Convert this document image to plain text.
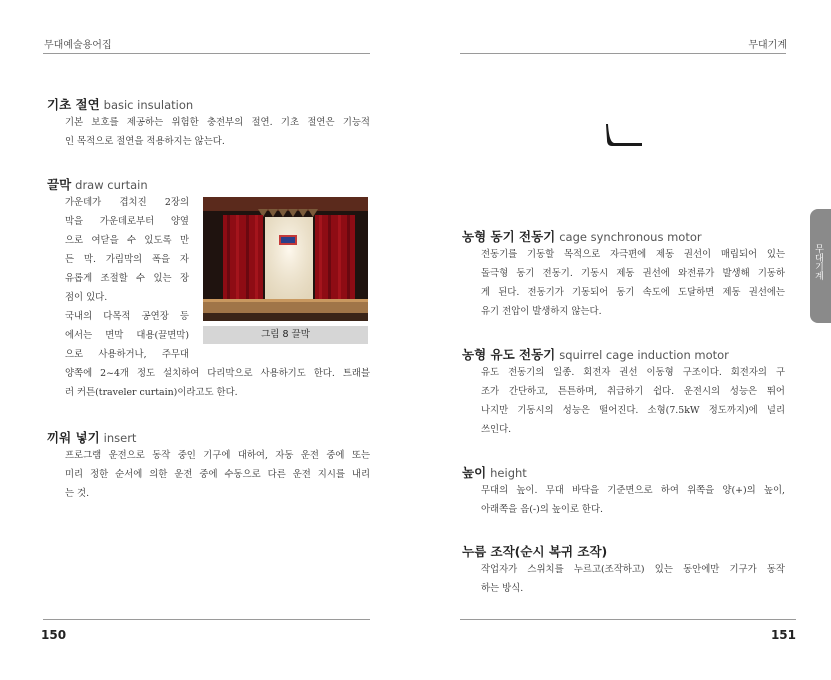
무대예술용어집	무대기계
무대기계
기초 절연 basic insulation
기본 보호를 제공하는 위험한 충전부의 절연. 기초 절연은 기능적
인 목적으로 절연을 적용하지는 않는다.
끌막 draw curtain
가운데가 겹치진 2장의
막을 가운데로부터 양옆
으로 여닫을 수 있도록 만
든 막. 가림막의 폭을 자
유롭게 조절할 수 있는 장
점이 있다.
국내의 다목적 공연장 등
에서는 면막 대용(끌면막)
으로 사용하거나, 주무대
양쪽에 2~4개 정도 설치하여 다리막으로 사용하기도 한다. 트래블
러 커튼(traveler curtain)이라고도 한다.
그림 8 끌막
끼워 넣기 insert
프로그램 운전으로 동작 중인 기구에 대하여, 자동 운전 중에 또는
미리 정한 순서에 의한 운전 중에 수동으로 다른 운전 지시를 내리
는 것.
농형 동기 전동기 cage synchronous motor
전동기를 기동할 목적으로 자극편에 제동 권선이 매립되어 있는
돌극형 동기 전동기. 기동시 제동 권선에 와전류가 발생해 기동하
게 된다. 전동기가 기동되어 동기 속도에 도달하면 제동 권선에는
유기 전압이 발생하지 않는다.
농형 유도 전동기 squirrel cage induction motor
유도 전동기의 일종. 회전자 권선 이동형 구조이다. 회전자의 구
조가 간단하고, 튼튼하며, 취급하기 쉽다. 운전시의 성능은 뛰어
나지만 기동시의 성능은 떨어진다. 소형(7.5kW 정도까지)에 널리
쓰인다.
높이 height
무대의 높이. 무대 바닥을 기준면으로 하여 위쪽을 양(+)의 높이,
아래쪽을 음(-)의 높이로 한다.
누름 조작(순시 복귀 조작)
작업자가 스위치를 누르고(조작하고) 있는 동안에만 기구가 동작
하는 방식.
150	151
